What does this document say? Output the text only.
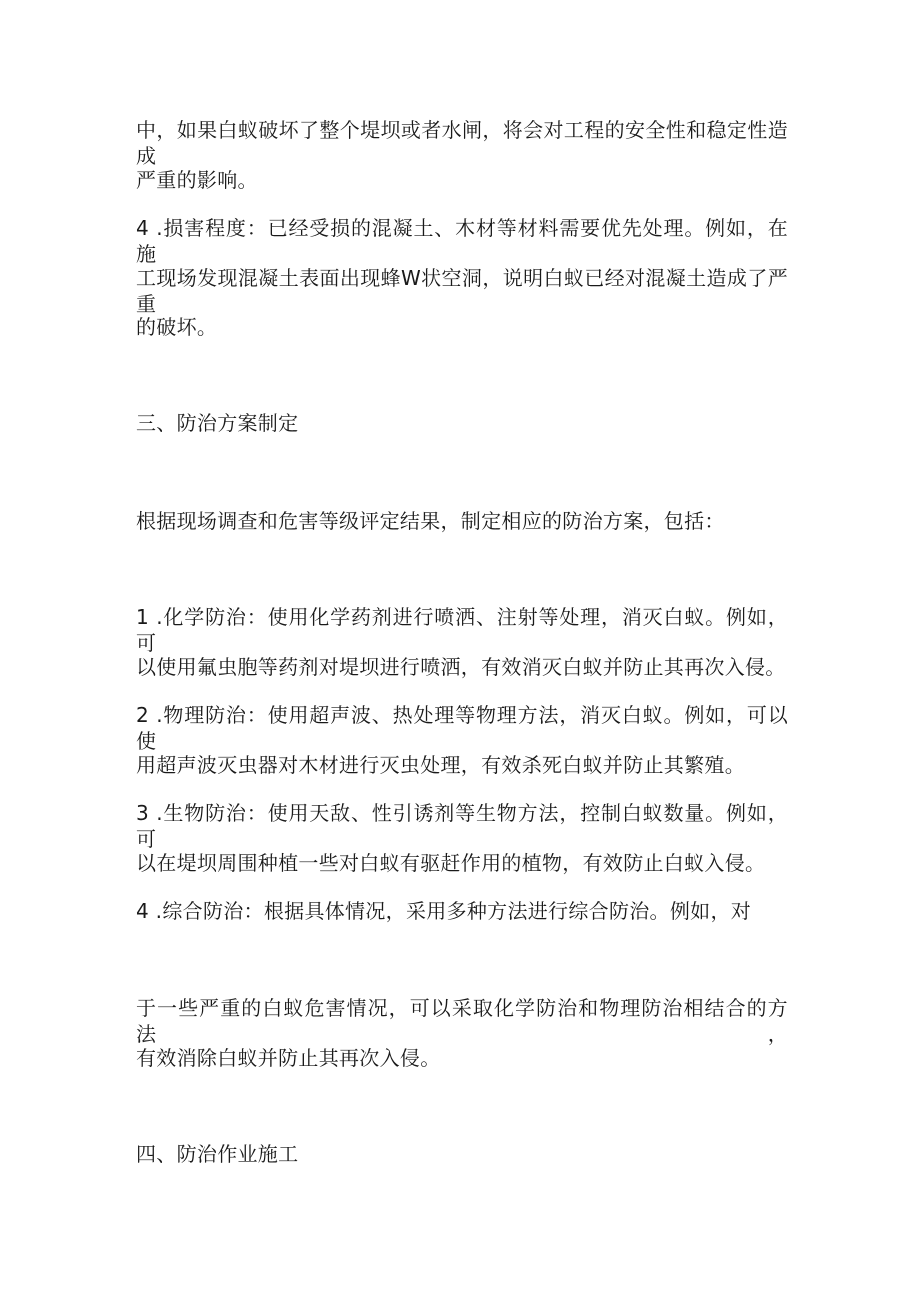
中，如果白蚁破坏了整个堤坝或者水闸，将会对工程的安全性和稳定性造成
严重的影响。
4 .损害程度：已经受损的混凝土、木材等材料需要优先处理。例如，在施
工现场发现混凝土表面出现蜂W状空洞，说明白蚁已经对混凝土造成了严重
的破坏。
三、防治方案制定
根据现场调查和危害等级评定结果，制定相应的防治方案，包括：
1 .化学防治：使用化学药剂进行喷洒、注射等处理，消灭白蚁。例如，可
以使用氟虫胞等药剂对堤坝进行喷洒，有效消灭白蚁并防止其再次入侵。
2 .物理防治：使用超声波、热处理等物理方法，消灭白蚁。例如，可以使
用超声波灭虫器对木材进行灭虫处理，有效杀死白蚁并防止其繁殖。
3 .生物防治：使用天敌、性引诱剂等生物方法，控制白蚁数量。例如，可
以在堤坝周围种植一些对白蚁有驱赶作用的植物，有效防止白蚁入侵。
4 .综合防治：根据具体情况，采用多种方法进行综合防治。例如，对
于一些严重的白蚁危害情况，可以采取化学防治和物理防治相结合的方法，
有效消除白蚁并防止其再次入侵。
四、防治作业施工
